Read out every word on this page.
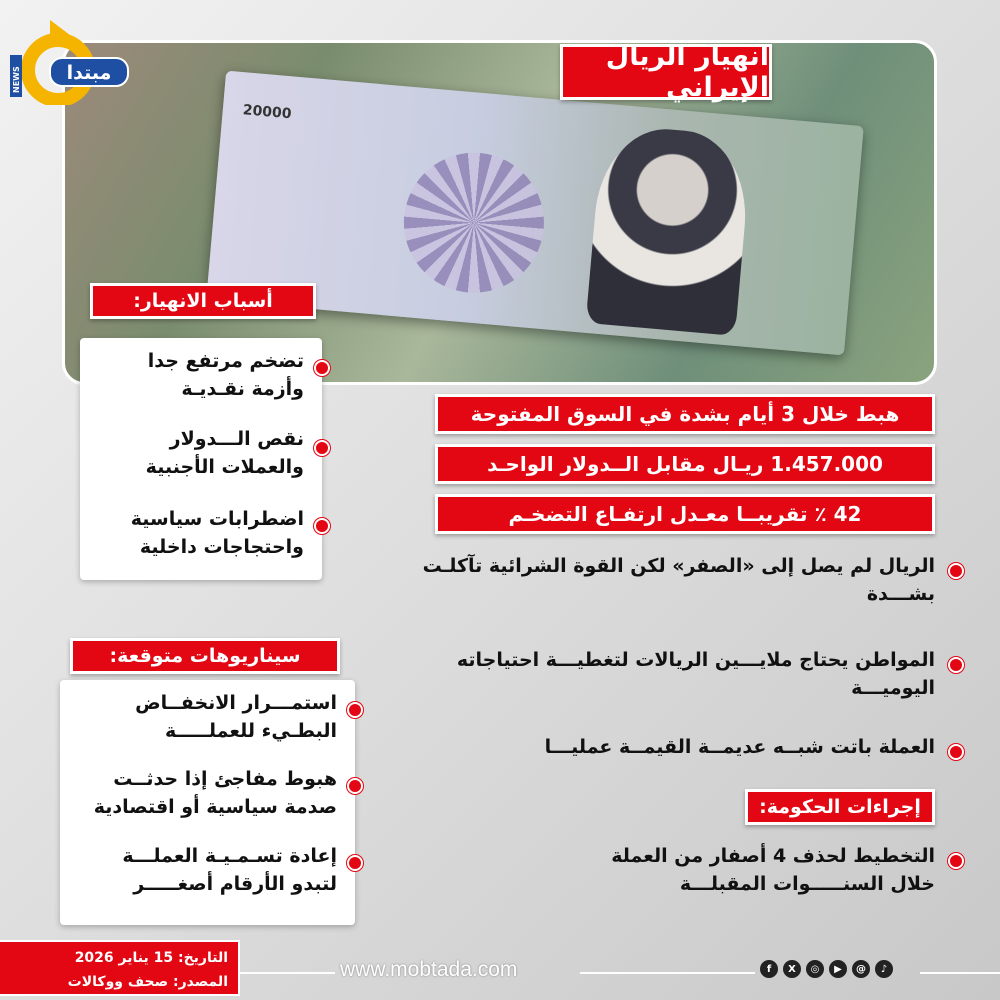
20000
NEWS مبتدا
انهيار الريال الإيراني
أسباب الانهيار:
تضخم مرتفع جدا وأزمة نقـديـة
نقص الـــدولار والعملات الأجنبية
اضطرابات سياسية واحتجاجات داخلية
هبط خلال 3 أيام بشدة في السوق المفتوحة
1.457.000 ريـال مقابل الــدولار الواحـد
42 ٪ تقريبــا معـدل ارتفـاع التضخـم
الريال لم يصل إلى «الصفر» لكن القوة الشرائية تآكلـت بشـــدة
المواطن يحتاج ملايـــين الريالات لتغطيـــة احتياجاته اليوميـــة
العملة باتت شبــه عديمــة القيمــة عمليـــا
إجراءات الحكومة:
التخطيط لحذف 4 أصفار من العملة خلال السنـــــوات المقبلـــة
سيناريوهات متوقعة:
استمـــرار الانخفــاض البطـيء للعملـــــة
هبوط مفاجئ إذا حدثــت صدمة سياسية أو اقتصادية
إعادة تسـمـيـة العملـــة لتبدو الأرقام أصغـــــر
التاريخ: 15 يناير 2026
المصدر: صحف ووكالات
www.mobtada.com	f	X	◎	▶	@	♪
